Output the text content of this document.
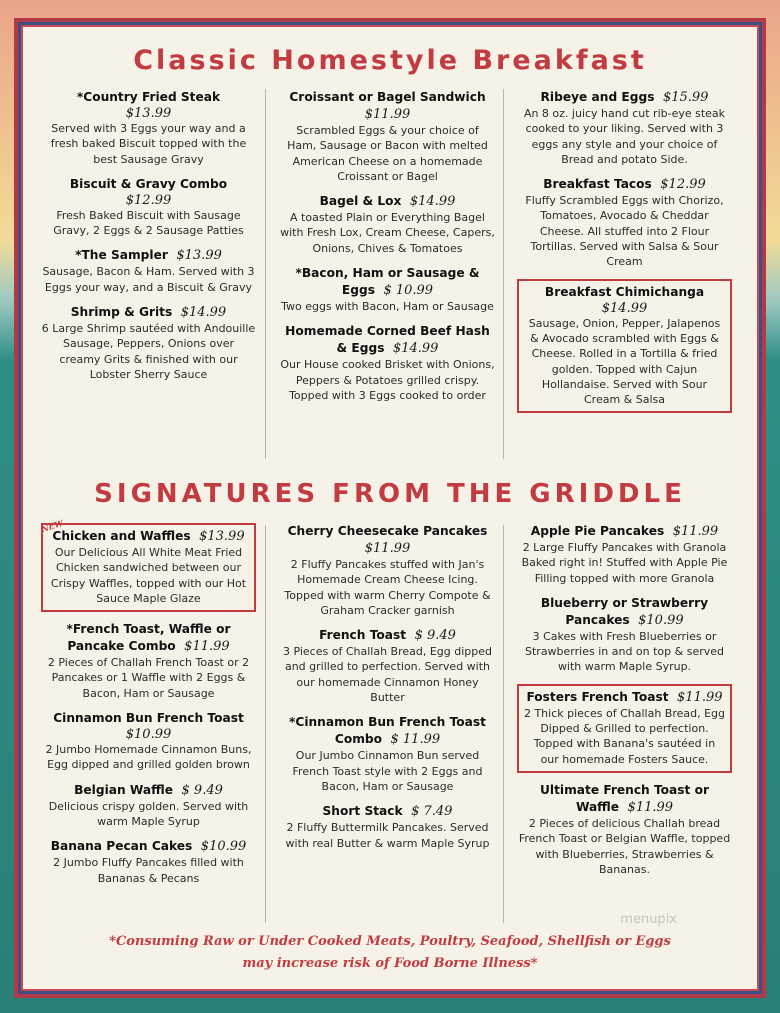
Classic Homestyle Breakfast
*Country Fried Steak
$13.99
Served with 3 Eggs your way and a fresh baked Biscuit topped with the best Sausage Gravy
Biscuit & Gravy Combo
$12.99
Fresh Baked Biscuit with Sausage Gravy, 2 Eggs & 2 Sausage Patties
*The Sampler $13.99
Sausage, Bacon & Ham. Served with 3 Eggs your way, and a Biscuit & Gravy
Shrimp & Grits $14.99
6 Large Shrimp sautéed with Andouille Sausage, Peppers, Onions over creamy Grits & finished with our Lobster Sherry Sauce
Croissant or Bagel Sandwich $11.99
Scrambled Eggs & your choice of Ham, Sausage or Bacon with melted American Cheese on a homemade Croissant or Bagel
Bagel & Lox $14.99
A toasted Plain or Everything Bagel with Fresh Lox, Cream Cheese, Capers, Onions, Chives & Tomatoes
*Bacon, Ham or Sausage & Eggs $ 10.99
Two eggs with Bacon, Ham or Sausage
Homemade Corned Beef Hash & Eggs $14.99
Our House cooked Brisket with Onions, Peppers & Potatoes grilled crispy. Topped with 3 Eggs cooked to order
Ribeye and Eggs $15.99
An 8 oz. juicy hand cut rib-eye steak cooked to your liking. Served with 3 eggs any style and your choice of Bread and potato Side.
Breakfast Tacos $12.99
Fluffy Scrambled Eggs with Chorizo, Tomatoes, Avocado & Cheddar Cheese. All stuffed into 2 Flour Tortillas. Served with Salsa & Sour Cream
Breakfast Chimichanga
$14.99
Sausage, Onion, Pepper, Jalapenos & Avocado scrambled with Eggs & Cheese. Rolled in a Tortilla & fried golden. Topped with Cajun Hollandaise. Served with Sour Cream & Salsa
SIGNATURES FROM THE GRIDDLE
NEW
Chicken and Waffles $13.99
Our Delicious All White Meat Fried Chicken sandwiched between our Crispy Waffles, topped with our Hot Sauce Maple Glaze
*French Toast, Waffle or Pancake Combo $11.99
2 Pieces of Challah French Toast or 2 Pancakes or 1 Waffle with 2 Eggs & Bacon, Ham or Sausage
Cinnamon Bun French Toast
$10.99
2 Jumbo Homemade Cinnamon Buns, Egg dipped and grilled golden brown
Belgian Waffle $ 9.49
Delicious crispy golden. Served with warm Maple Syrup
Banana Pecan Cakes $10.99
2 Jumbo Fluffy Pancakes filled with Bananas & Pecans
Cherry Cheesecake Pancakes $11.99
2 Fluffy Pancakes stuffed with Jan's Homemade Cream Cheese Icing. Topped with warm Cherry Compote & Graham Cracker garnish
French Toast $ 9.49
3 Pieces of Challah Bread, Egg dipped and grilled to perfection. Served with our homemade Cinnamon Honey Butter
*Cinnamon Bun French Toast Combo $ 11.99
Our Jumbo Cinnamon Bun served French Toast style with 2 Eggs and Bacon, Ham or Sausage
Short Stack $ 7.49
2 Fluffy Buttermilk Pancakes. Served with real Butter & warm Maple Syrup
Apple Pie Pancakes $11.99
2 Large Fluffy Pancakes with Granola Baked right in! Stuffed with Apple Pie Filling topped with more Granola
Blueberry or Strawberry Pancakes $10.99
3 Cakes with Fresh Blueberries or Strawberries in and on top & served with warm Maple Syrup.
Fosters French Toast $11.99
2 Thick pieces of Challah Bread, Egg Dipped & Grilled to perfection. Topped with Banana's sautéed in our homemade Fosters Sauce.
Ultimate French Toast or Waffle $11.99
2 Pieces of delicious Challah bread French Toast or Belgian Waffle, topped with Blueberries, Strawberries & Bananas.
menupix
*Consuming Raw or Under Cooked Meats, Poultry, Seafood, Shellfish or Eggs
may increase risk of Food Borne Illness*
